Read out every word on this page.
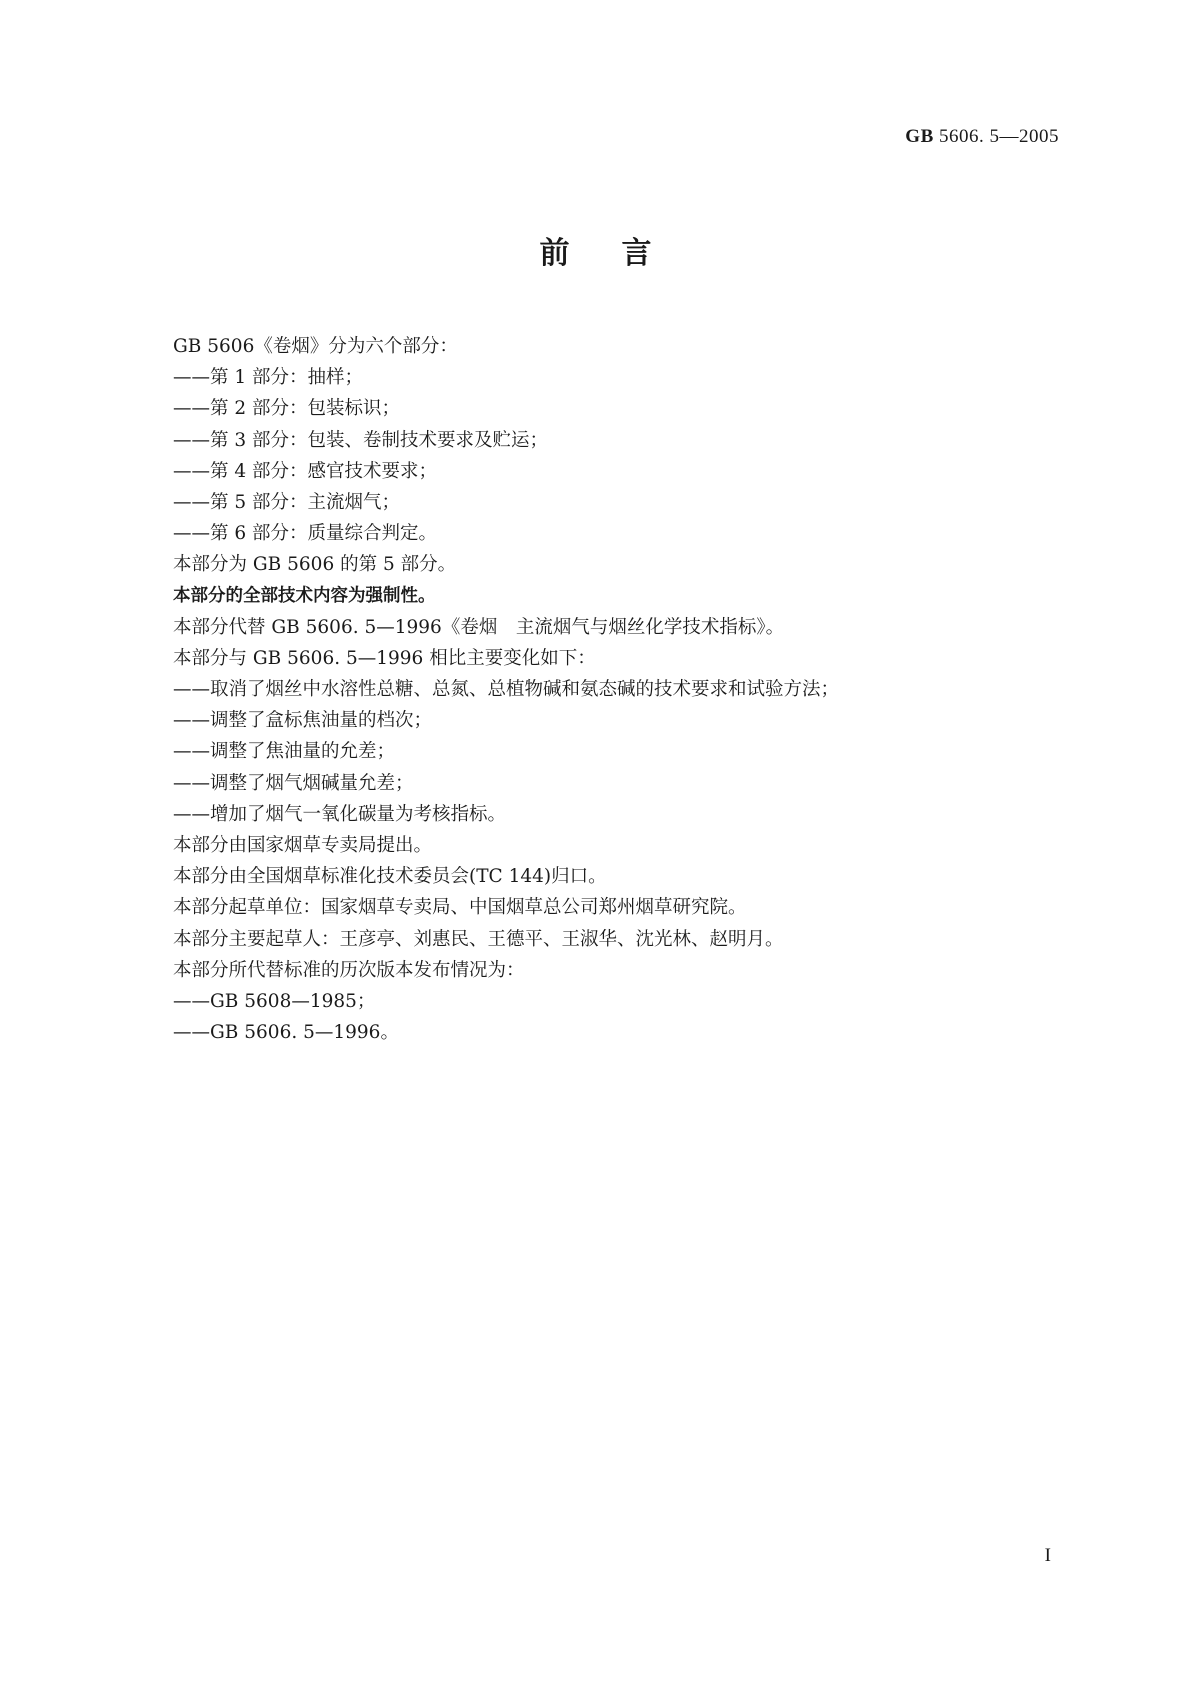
GB 5606. 5—2005
前言
GB 5606《卷烟》分为六个部分：
——第 1 部分：抽样；
——第 2 部分：包装标识；
——第 3 部分：包装、卷制技术要求及贮运；
——第 4 部分：感官技术要求；
——第 5 部分：主流烟气；
——第 6 部分：质量综合判定。
本部分为 GB 5606 的第 5 部分。
本部分的全部技术内容为强制性。
本部分代替 GB 5606. 5—1996《卷烟　主流烟气与烟丝化学技术指标》。
本部分与 GB 5606. 5—1996 相比主要变化如下：
——取消了烟丝中水溶性总糖、总氮、总植物碱和氨态碱的技术要求和试验方法；
——调整了盒标焦油量的档次；
——调整了焦油量的允差；
——调整了烟气烟碱量允差；
——增加了烟气一氧化碳量为考核指标。
本部分由国家烟草专卖局提出。
本部分由全国烟草标准化技术委员会(TC 144)归口。
本部分起草单位：国家烟草专卖局、中国烟草总公司郑州烟草研究院。
本部分主要起草人：王彦亭、刘惠民、王德平、王淑华、沈光林、赵明月。
本部分所代替标准的历次版本发布情况为：
——GB 5608—1985；
——GB 5606. 5—1996。
I
